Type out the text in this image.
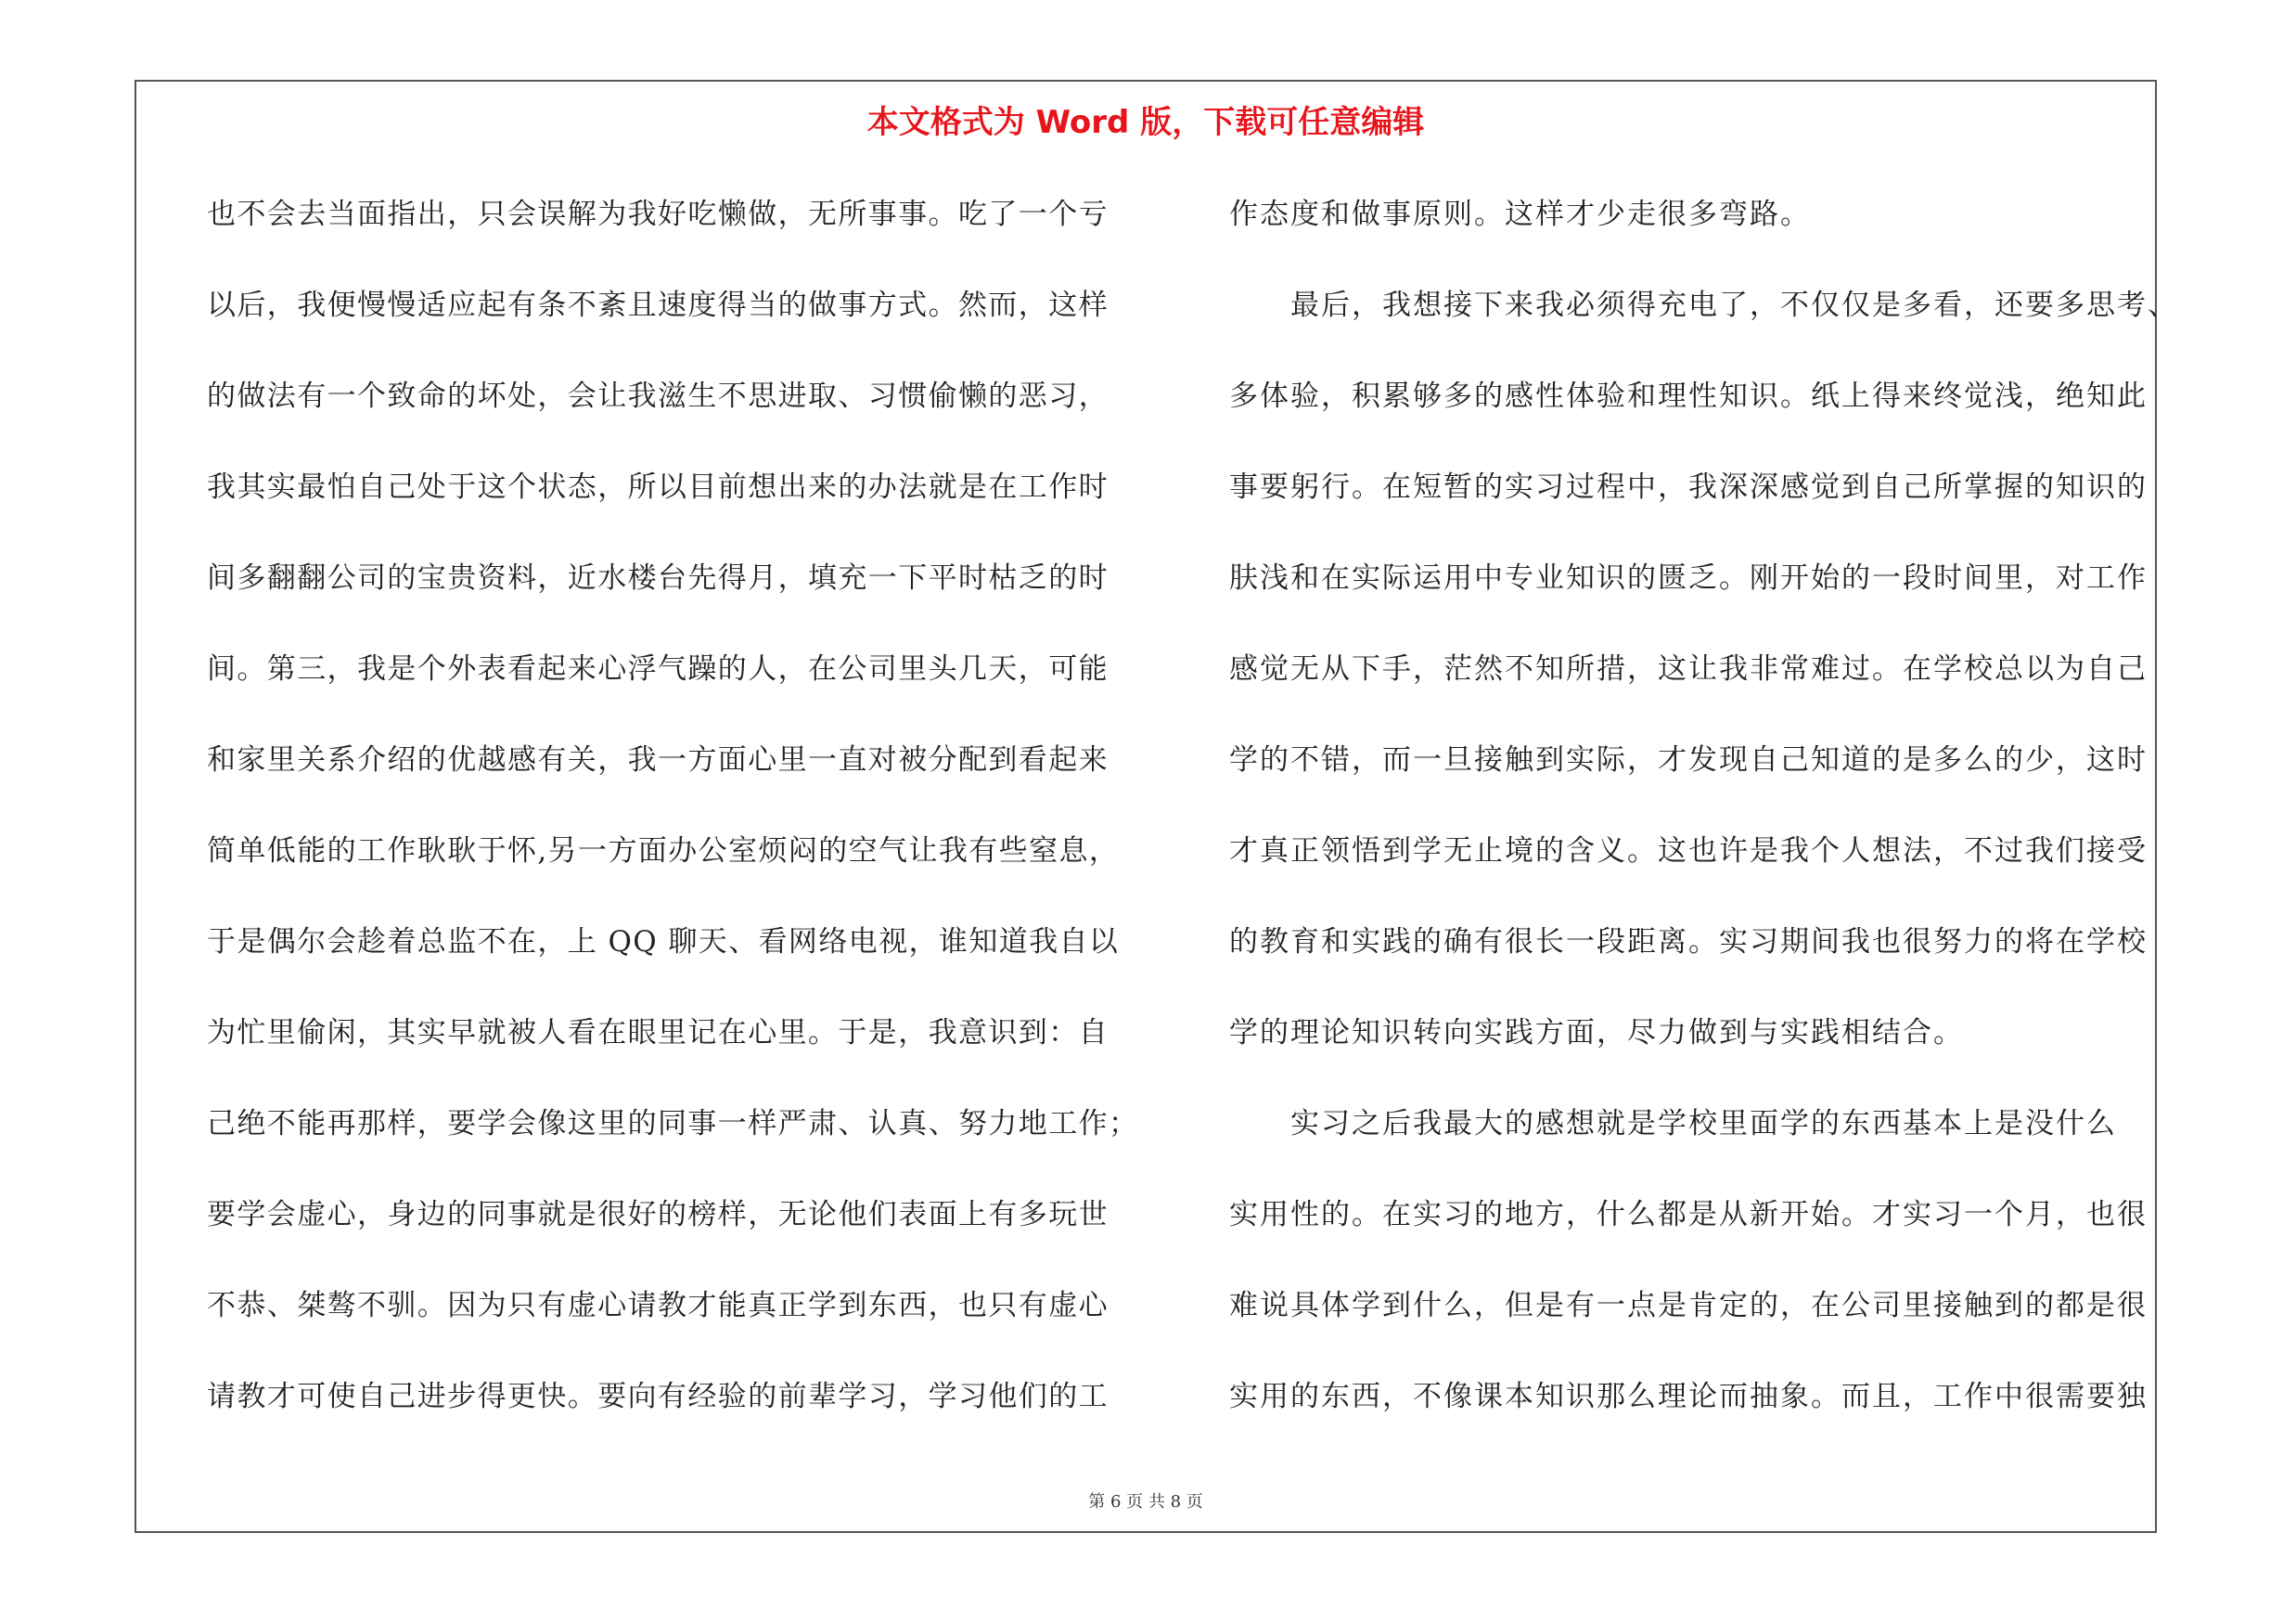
本文格式为 Word 版，下载可任意编辑
也不会去当面指出，只会误解为我好吃懒做，无所事事。吃了一个亏
以后，我便慢慢适应起有条不紊且速度得当的做事方式。然而，这样
的做法有一个致命的坏处，会让我滋生不思进取、习惯偷懒的恶习，
我其实最怕自己处于这个状态，所以目前想出来的办法就是在工作时
间多翻翻公司的宝贵资料，近水楼台先得月，填充一下平时枯乏的时
间。第三，我是个外表看起来心浮气躁的人，在公司里头几天，可能
和家里关系介绍的优越感有关，我一方面心里一直对被分配到看起来
简单低能的工作耿耿于怀,另一方面办公室烦闷的空气让我有些窒息，
于是偶尔会趁着总监不在，上 QQ 聊天、看网络电视，谁知道我自以
为忙里偷闲，其实早就被人看在眼里记在心里。于是，我意识到：自
己绝不能再那样，要学会像这里的同事一样严肃、认真、努力地工作；
要学会虚心，身边的同事就是很好的榜样，无论他们表面上有多玩世
不恭、桀骜不驯。因为只有虚心请教才能真正学到东西，也只有虚心
请教才可使自己进步得更快。要向有经验的前辈学习，学习他们的工
作态度和做事原则。这样才少走很多弯路。
　　最后，我想接下来我必须得充电了，不仅仅是多看，还要多思考、
多体验，积累够多的感性体验和理性知识。纸上得来终觉浅，绝知此
事要躬行。在短暂的实习过程中，我深深感觉到自己所掌握的知识的
肤浅和在实际运用中专业知识的匮乏。刚开始的一段时间里，对工作
感觉无从下手，茫然不知所措，这让我非常难过。在学校总以为自己
学的不错，而一旦接触到实际，才发现自己知道的是多么的少，这时
才真正领悟到学无止境的含义。这也许是我个人想法，不过我们接受
的教育和实践的确有很长一段距离。实习期间我也很努力的将在学校
学的理论知识转向实践方面，尽力做到与实践相结合。
　　实习之后我最大的感想就是学校里面学的东西基本上是没什么
实用性的。在实习的地方，什么都是从新开始。才实习一个月，也很
难说具体学到什么，但是有一点是肯定的，在公司里接触到的都是很
实用的东西，不像课本知识那么理论而抽象。而且，工作中很需要独
第 6 页 共 8 页
